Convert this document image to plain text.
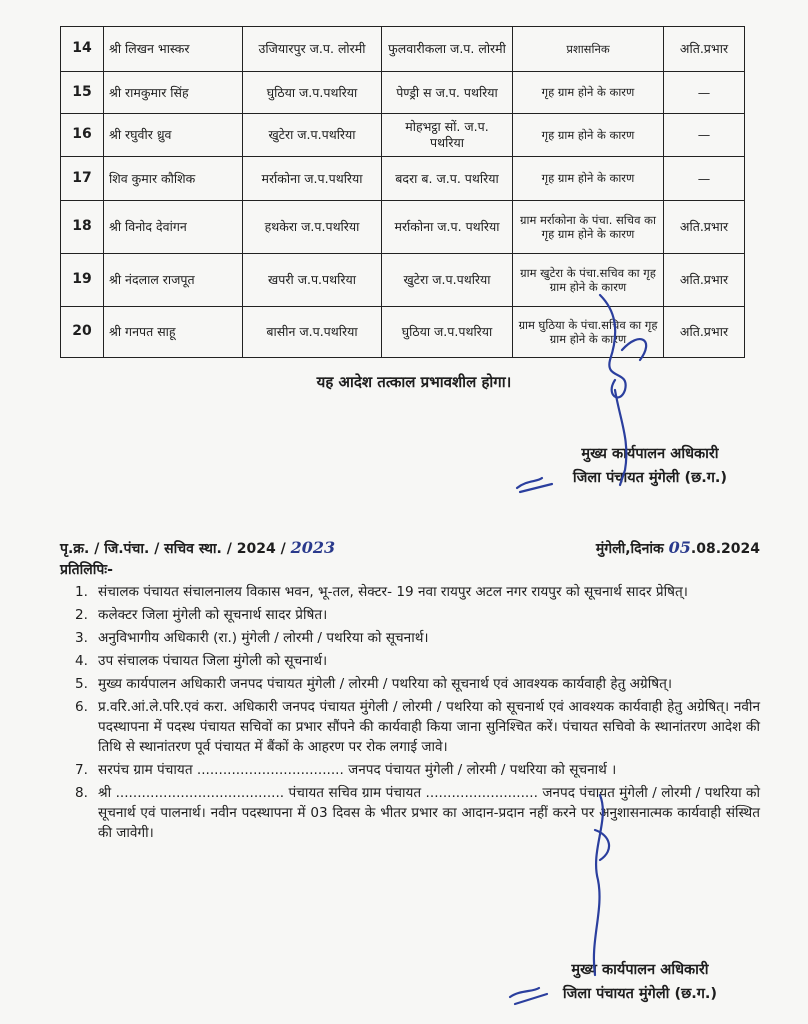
14	श्री लिखन भास्कर	उजियारपुर ज.प. लोरमी	फुलवारीकला ज.प. लोरमी	प्रशासनिक	अति.प्रभार
15	श्री रामकुमार सिंह	घुठिया ज.प.पथरिया	पेण्ड्री स ज.प. पथरिया	गृह ग्राम होने के कारण	—
16	श्री रघुवीर ध्रुव	खुटेरा ज.प.पथरिया	मोहभट्ठा सों. ज.प. पथरिया	गृह ग्राम होने के कारण	—
17	शिव कुमार कौशिक	मर्राकोना ज.प.पथरिया	बदरा ब. ज.प. पथरिया	गृह ग्राम होने के कारण	—
18	श्री विनोद देवांगन	हथकेरा ज.प.पथरिया	मर्राकोना ज.प. पथरिया	ग्राम मर्राकोना के पंचा. सचिव का गृह ग्राम होने के कारण	अति.प्रभार
19	श्री नंदलाल राजपूत	खपरी ज.प.पथरिया	खुटेरा ज.प.पथरिया	ग्राम खुटेरा के पंचा.सचिव का गृह ग्राम होने के कारण	अति.प्रभार
20	श्री गनपत साहू	बासीन ज.प.पथरिया	घुठिया ज.प.पथरिया	ग्राम घुठिया के पंचा.सचिव का गृह ग्राम होने के कारण	अति.प्रभार
यह आदेश तत्काल प्रभावशील होगा।
मुख्य कार्यपालन अधिकारी
जिला पंचायत मुंगेली (छ.ग.)
पृ.क्र. / जि.पंचा. / सचिव स्था. / 2024 / 2023	मुंगेली,दिनांक 05.08.2024
प्रतिलिपिः-
1. संचालक पंचायत संचालनालय विकास भवन, भू-तल, सेक्टर- 19 नवा रायपुर अटल नगर रायपुर को सूचनार्थ सादर प्रेषित्।
2. कलेक्टर जिला मुंगेली को सूचनार्थ सादर प्रेषित।
3. अनुविभागीय अधिकारी (रा.) मुंगेली / लोरमी / पथरिया को सूचनार्थ।
4. उप संचालक पंचायत जिला मुंगेली को सूचनार्थ।
5. मुख्य कार्यपालन अधिकारी जनपद पंचायत मुंगेली / लोरमी / पथरिया को सूचनार्थ एवं आवश्यक कार्यवाही हेतु अग्रेषित्।
6. प्र.वरि.आं.ले.परि.एवं करा. अधिकारी जनपद पंचायत मुंगेली / लोरमी / पथरिया को सूचनार्थ एवं आवश्यक कार्यवाही हेतु अग्रेषित्। नवीन पदस्थापना में पदस्थ पंचायत सचिवों का प्रभार सौंपने की कार्यवाही किया जाना सुनिश्चित करें। पंचायत सचिवो के स्थानांतरण आदेश की तिथि से स्थानांतरण पूर्व पंचायत में बैंकों के आहरण पर रोक लगाई जावे।
7. सरपंच ग्राम पंचायत .................................. जनपद पंचायत मुंगेली / लोरमी / पथरिया को सूचनार्थ ।
8. श्री ....................................... पंचायत सचिव ग्राम पंचायत .......................... जनपद पंचायत मुंगेली / लोरमी / पथरिया को सूचनार्थ एवं पालनार्थ। नवीन पदस्थापना में 03 दिवस के भीतर प्रभार का आदान-प्रदान नहीं करने पर अनुशासनात्मक कार्यवाही संस्थित की जावेगी।
मुख्य कार्यपालन अधिकारी
जिला पंचायत मुंगेली (छ.ग.)
